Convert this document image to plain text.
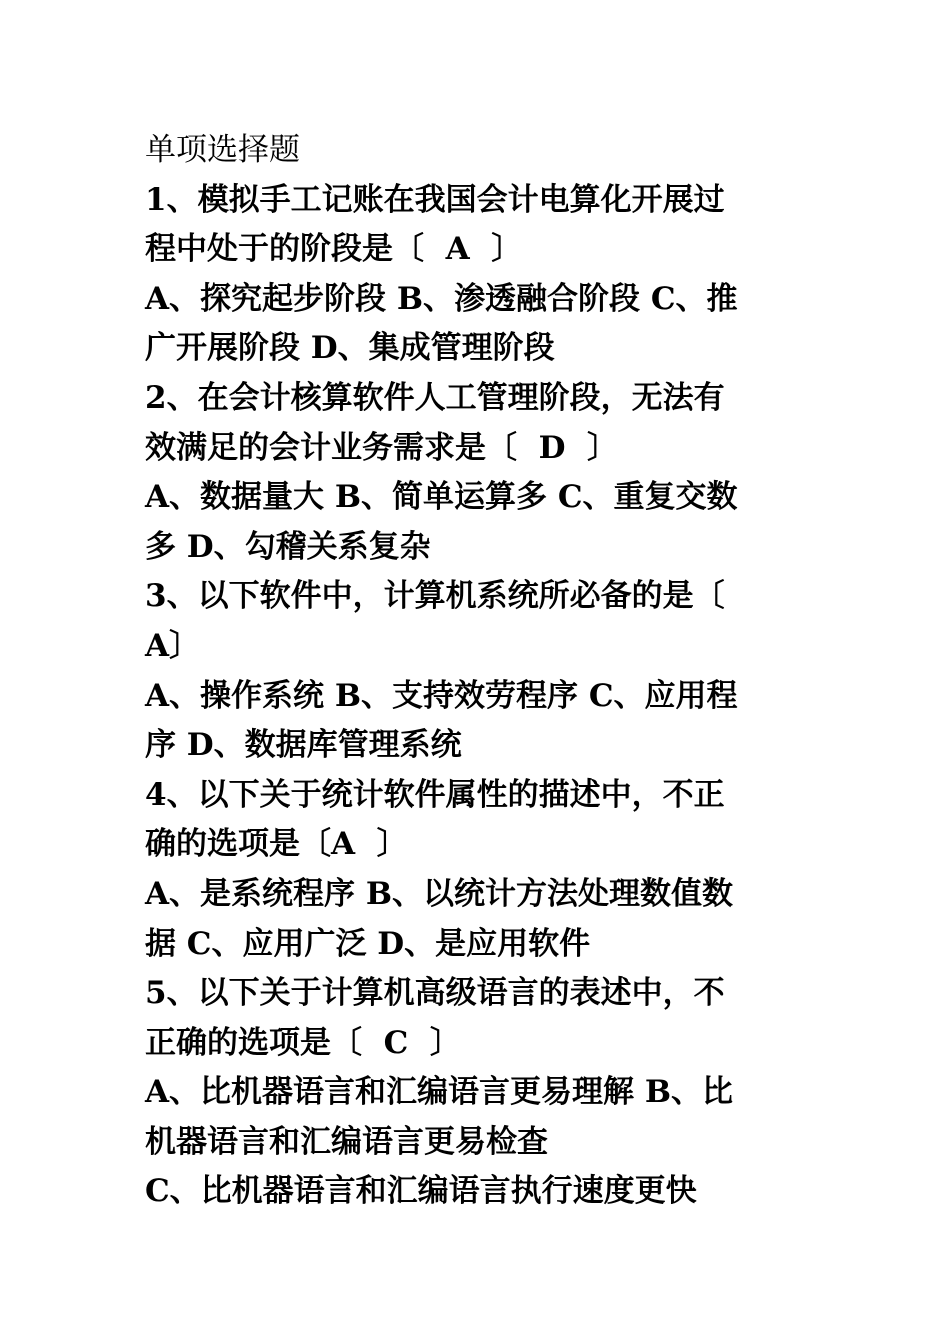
单项选择题
1、模拟手工记账在我国会计电算化开展过
程中处于的阶段是〔  A  〕
A、探究起步阶段 B、渗透融合阶段 C、推
广开展阶段 D、集成管理阶段
2、在会计核算软件人工管理阶段，无法有
效满足的会计业务需求是〔  D  〕
A、数据量大 B、简单运算多 C、重复交数
多 D、勾稽关系复杂
3、以下软件中，计算机系统所必备的是〔
A〕
A、操作系统 B、支持效劳程序 C、应用程
序 D、数据库管理系统
4、以下关于统计软件属性的描述中，不正
确的选项是〔A  〕
A、是系统程序 B、以统计方法处理数值数
据 C、应用广泛 D、是应用软件
5、以下关于计算机高级语言的表述中，不
正确的选项是〔  C  〕
A、比机器语言和汇编语言更易理解 B、比
机器语言和汇编语言更易检查
C、比机器语言和汇编语言执行速度更快
